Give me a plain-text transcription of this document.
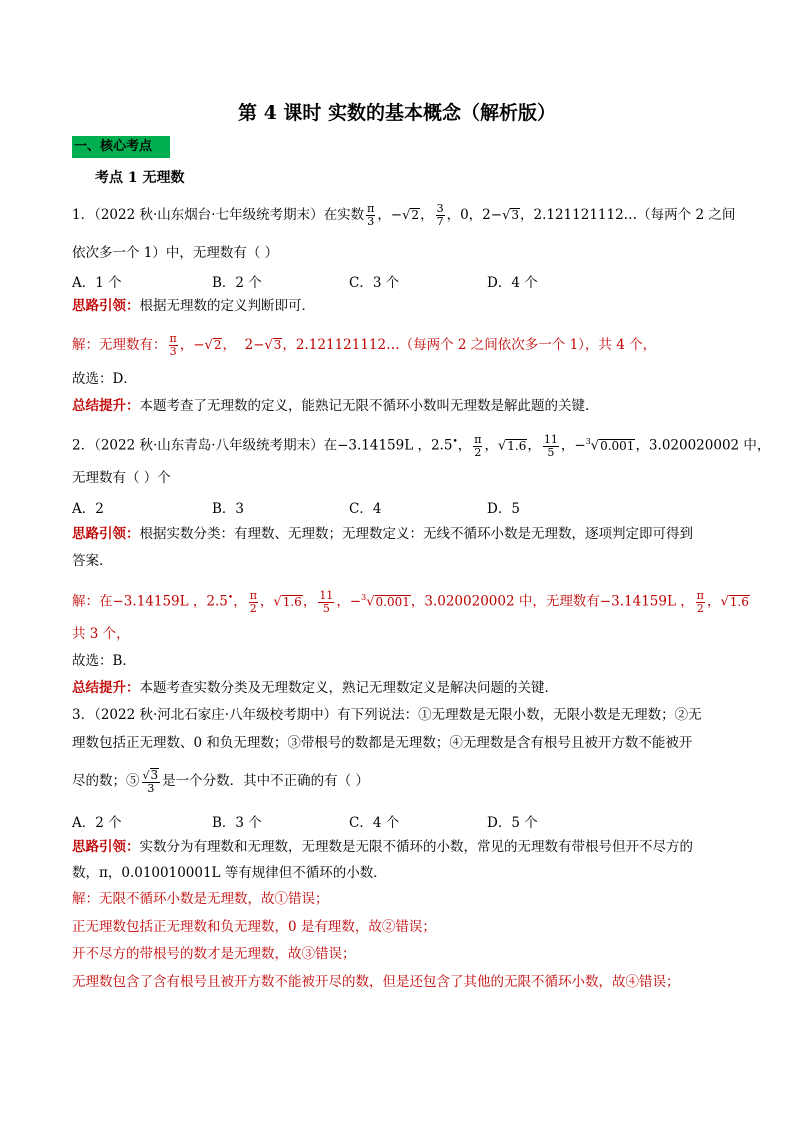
第 4 课时 实数的基本概念（解析版）
一、核心考点
考点 1 无理数
1．（2022 秋·山东烟台·七年级统考期末）在实数 $\frac{\pi}{3}$ ，−√2， $\frac{3}{7}$ ，0，2−√3，2.121121112…（每两个 2 之间
依次多一个 1）中，无理数有（ ）
A．1 个	B．2 个	C．3 个	D．4 个
思路引领：根据无理数的定义判断即可．
解：无理数有： $\frac{\pi}{3}$ ，−√2，  2−√3，2.121121112…（每两个 2 之间依次多一个 1），共 4 个，
故选：D．
总结提升：本题考查了无理数的定义，能熟记无限不循环小数叫无理数是解此题的关键．
2．（2022 秋·山东青岛·八年级统考期末）在−3.14159L ，2.5•， $\frac{\pi}{2}$ ，√1.6， $\frac{11}{5}$ ，−$^3$√0.001，3.020020002 中，
无理数有（ ）个
A．2	B．3	C．4	D．5
思路引领：根据实数分类：有理数、无理数；无理数定义：无线不循环小数是无理数，逐项判定即可得到
答案．
解：在−3.14159L ，2.5•， $\frac{\pi}{2}$ ，√1.6， $\frac{11}{5}$ ，−$^3$√0.001，3.020020002 中，无理数有−3.14159L ， $\frac{\pi}{2}$ ，√1.6
共 3 个，
故选：B．
总结提升：本题考查实数分类及无理数定义，熟记无理数定义是解决问题的关键．
3．（2022 秋·河北石家庄·八年级校考期中）有下列说法：①无理数是无限小数，无限小数是无理数；②无
理数包括正无理数、0 和负无理数；③带根号的数都是无理数；④无理数是含有根号且被开方数不能被开
尽的数；⑤ $\frac{√3}{3}$ 是一个分数．其中不正确的有（ ）
A．2 个	B．3 个	C．4 个	D．5 个
思路引领：实数分为有理数和无理数，无理数是无限不循环的小数，常见的无理数有带根号但开不尽方的
数，π，0.010010001L 等有规律但不循环的小数．
解：无限不循环小数是无理数，故①错误；
正无理数包括正无理数和负无理数，0 是有理数，故②错误；
开不尽方的带根号的数才是无理数，故③错误；
无理数包含了含有根号且被开方数不能被开尽的数，但是还包含了其他的无限不循环小数，故④错误；
